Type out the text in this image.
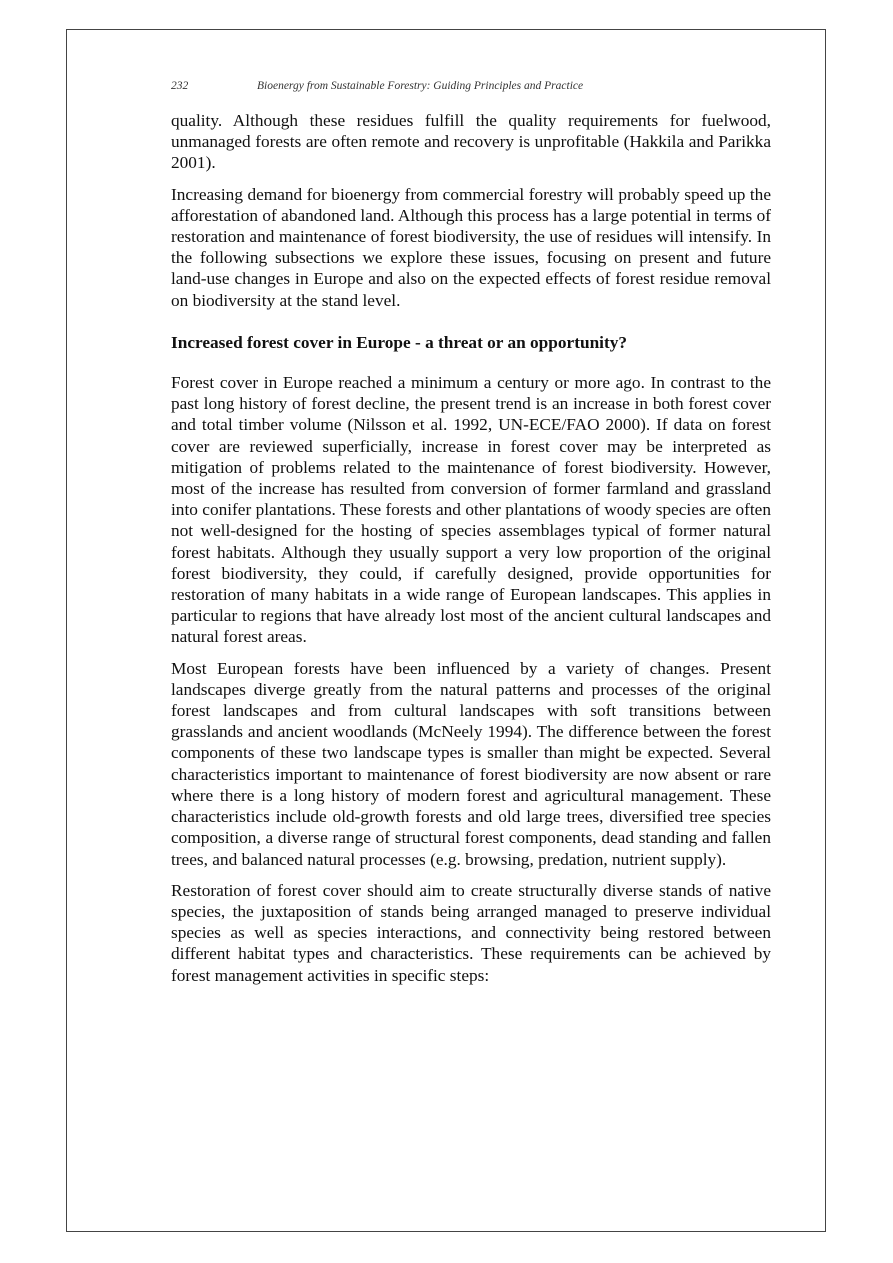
232	Bioenergy from Sustainable Forestry: Guiding Principles and Practice

quality. Although these residues fulfill the quality requirements for fuelwood, unmanaged forests are often remote and recovery is unprofitable (Hakkila and Parikka 2001).

Increasing demand for bioenergy from commercial forestry will probably speed up the afforestation of abandoned land. Although this process has a large potential in terms of restoration and maintenance of forest biodiversity, the use of residues will intensify. In the following subsections we explore these issues, focusing on present and future land-use changes in Europe and also on the expected effects of forest residue removal on biodiversity at the stand level.

Increased forest cover in Europe - a threat or an opportunity?

Forest cover in Europe reached a minimum a century or more ago. In contrast to the past long history of forest decline, the present trend is an increase in both forest cover and total timber volume (Nilsson et al. 1992, UN-ECE/FAO 2000). If data on forest cover are reviewed superficially, increase in forest cover may be interpreted as mitigation of problems related to the maintenance of forest biodiversity. However, most of the increase has resulted from conversion of former farmland and grassland into conifer plantations. These forests and other plantations of woody species are often not well-designed for the hosting of species assemblages typical of former natural forest habitats. Although they usually support a very low proportion of the original forest biodiversity, they could, if carefully designed, provide opportunities for restoration of many habitats in a wide range of European landscapes. This applies in particular to regions that have already lost most of the ancient cultural landscapes and natural forest areas.

Most European forests have been influenced by a variety of changes. Present landscapes diverge greatly from the natural patterns and processes of the original forest landscapes and from cultural landscapes with soft transitions between grasslands and ancient woodlands (McNeely 1994). The difference between the forest components of these two landscape types is smaller than might be expected. Several characteristics important to maintenance of forest biodiversity are now absent or rare where there is a long history of modern forest and agricultural management. These characteristics include old-growth forests and old large trees, diversified tree species composition, a diverse range of structural forest components, dead standing and fallen trees, and balanced natural processes (e.g. browsing, predation, nutrient supply).

Restoration of forest cover should aim to create structurally diverse stands of native species, the juxtaposition of stands being arranged managed to preserve individual species as well as species interactions, and connectivity being restored between different habitat types and characteristics. These requirements can be achieved by forest management activities in specific steps:
